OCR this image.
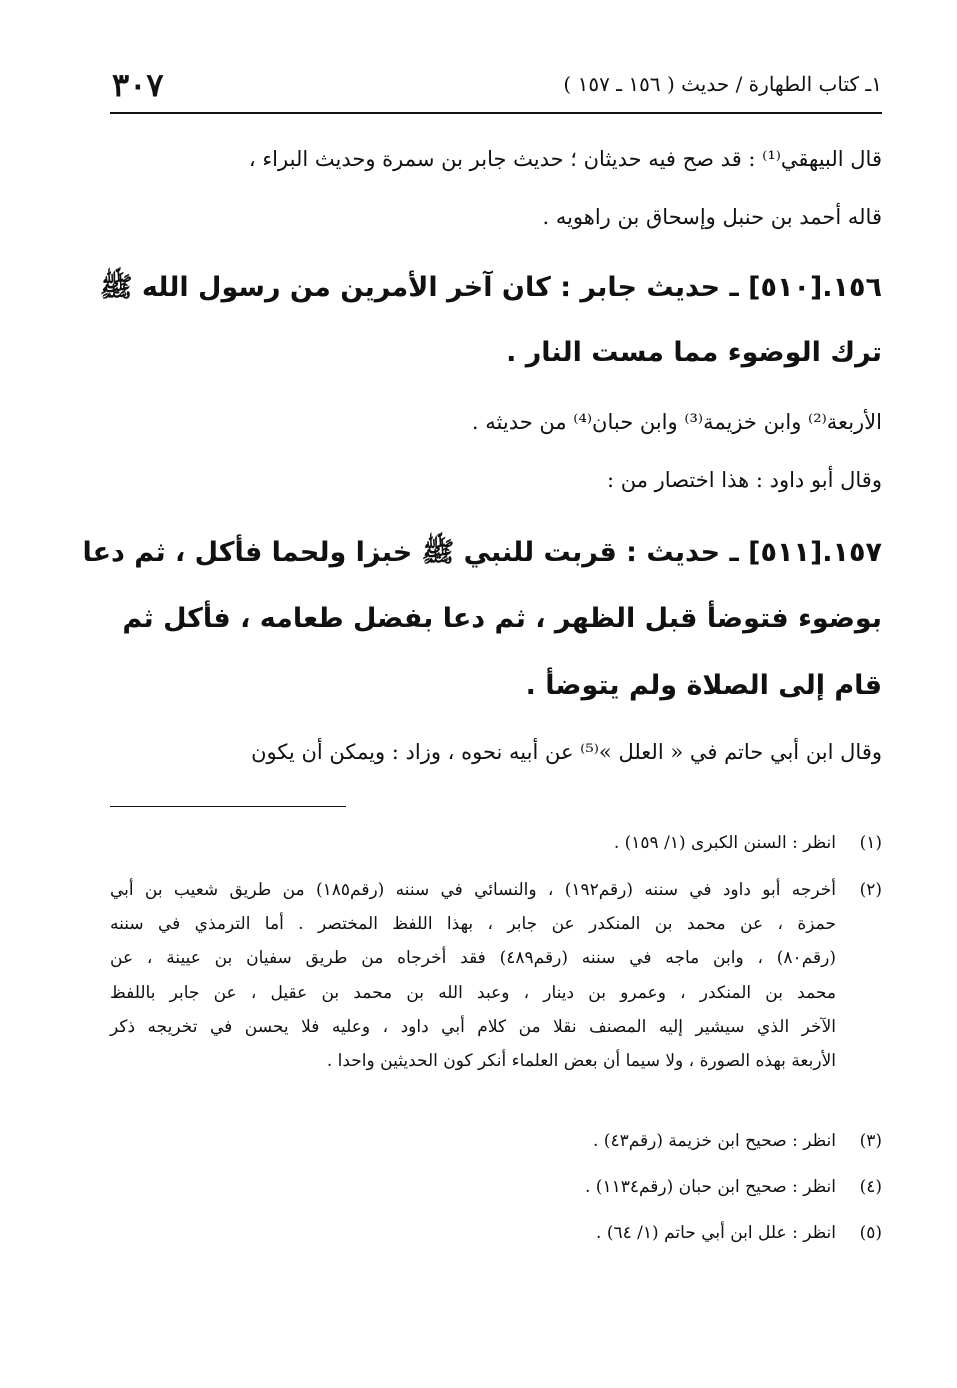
١ـ كتاب الطهارة / حديث ( ١٥٦ ـ ١٥٧ )
٣٠٧
قال البيهقي⁽¹⁾ : قد صح فيه حديثان ؛ حديث جابر بن سمرة وحديث البراء ،
قاله أحمد بن حنبل وإسحاق بن راهويه .
١٥٦.[٥١٠] ـ حديث جابر : كان آخر الأمرين من رسول الله ﷺ
ترك الوضوء مما مست النار .
الأربعة⁽²⁾ وابن خزيمة⁽³⁾ وابن حبان⁽⁴⁾ من حديثه .
وقال أبو داود : هذا اختصار من :
١٥٧.[٥١١] ـ حديث : قربت للنبي ﷺ خبزا ولحما فأكل ، ثم دعا
بوضوء فتوضأ قبل الظهر ، ثم دعا بفضل طعامه ، فأكل ثم
قام إلى الصلاة ولم يتوضأ .
وقال ابن أبي حاتم في « العلل »⁽⁵⁾ عن أبيه نحوه ، وزاد : ويمكن أن يكون
(١)انظر : السنن الكبرى (١/ ١٥٩) .
(٢)أخرجه أبو داود في سننه (رقم١٩٢) ، والنسائي في سننه (رقم١٨٥) من طريق شعيب بن أبي
حمزة ، عن محمد بن المنكدر عن جابر ، بهذا اللفظ المختصر . أما الترمذي في سننه
(رقم٨٠) ، وابن ماجه في سننه (رقم٤٨٩) فقد أخرجاه من طريق سفيان بن عيينة ، عن
محمد بن المنكدر ، وعمرو بن دينار ، وعبد الله بن محمد بن عقيل ، عن جابر باللفظ
الآخر الذي سيشير إليه المصنف نقلا من كلام أبي داود ، وعليه فلا يحسن في تخريجه ذكر
الأربعة بهذه الصورة ، ولا سيما أن بعض العلماء أنكر كون الحديثين واحدا .
(٣)انظر : صحيح ابن خزيمة (رقم٤٣) .
(٤)انظر : صحيح ابن حبان (رقم١١٣٤) .
(٥)انظر : علل ابن أبي حاتم (١/ ٦٤) .
